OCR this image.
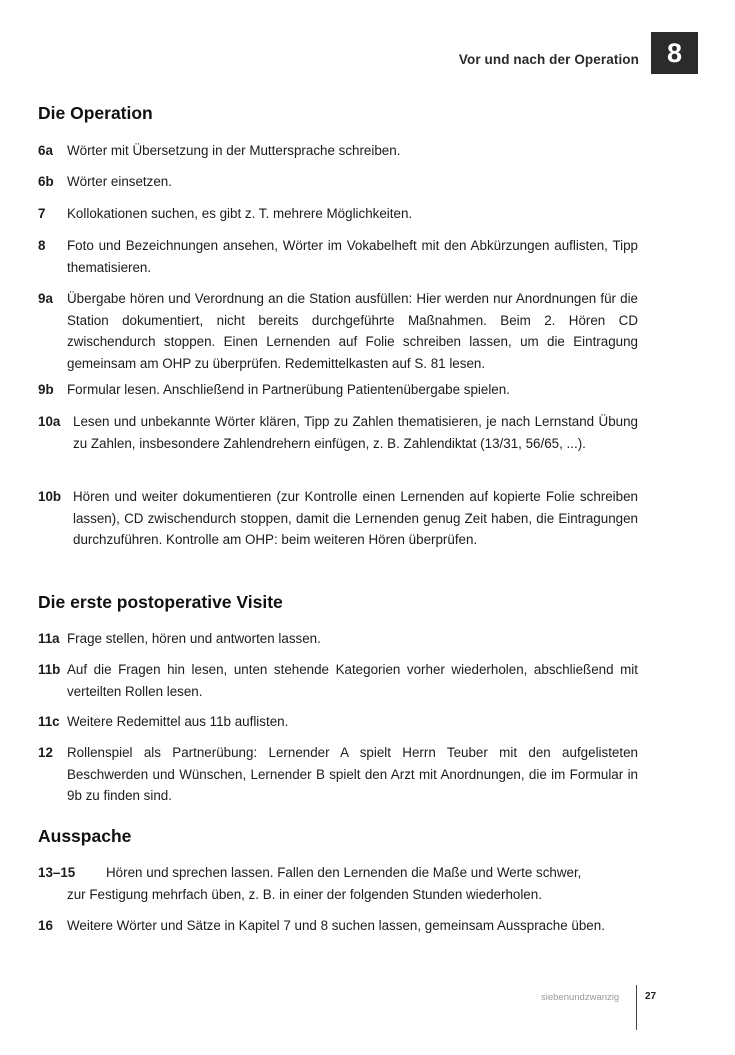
Vor und nach der Operation	8
Die Operation
6a Wörter mit Übersetzung in der Muttersprache schreiben.
6b Wörter einsetzen.
7 Kollokationen suchen, es gibt z. T. mehrere Möglichkeiten.
8 Foto und Bezeichnungen ansehen, Wörter im Vokabelheft mit den Abkürzungen auflisten, Tipp thematisieren.
9a Übergabe hören und Verordnung an die Station ausfüllen: Hier werden nur Anordnungen für die Station dokumentiert, nicht bereits durchgeführte Maßnahmen. Beim 2. Hören CD zwischendurch stoppen. Einen Lernenden auf Folie schreiben lassen, um die Eintragung gemeinsam am OHP zu überprüfen. Redemittelkasten auf S. 81 lesen.
9b Formular lesen. Anschließend in Partnerübung Patientenübergabe spielen.
10a Lesen und unbekannte Wörter klären, Tipp zu Zahlen thematisieren, je nach Lernstand Übung zu Zahlen, insbesondere Zahlendrehern einfügen, z. B. Zahlendiktat (13/31, 56/65, ...).
10b Hören und weiter dokumentieren (zur Kontrolle einen Lernenden auf kopierte Folie schreiben lassen), CD zwischendurch stoppen, damit die Lernenden genug Zeit haben, die Eintragungen durchzuführen. Kontrolle am OHP: beim weiteren Hören überprüfen.
Die erste postoperative Visite
11a Frage stellen, hören und antworten lassen.
11b Auf die Fragen hin lesen, unten stehende Kategorien vorher wiederholen, abschließend mit verteilten Rollen lesen.
11c Weitere Redemittel aus 11b auflisten.
12 Rollenspiel als Partnerübung: Lernender A spielt Herrn Teuber mit den aufgelisteten Beschwerden und Wünschen, Lernender B spielt den Arzt mit Anordnungen, die im Formular in 9b zu finden sind.
Ausspache
13–15	Hören und sprechen lassen. Fallen den Lernenden die Maße und Werte schwer,
zur Festigung mehrfach üben, z. B. in einer der folgenden Stunden wiederholen.
16 Weitere Wörter und Sätze in Kapitel 7 und 8 suchen lassen, gemeinsam Aussprache üben.
siebenundzwanzig	27
